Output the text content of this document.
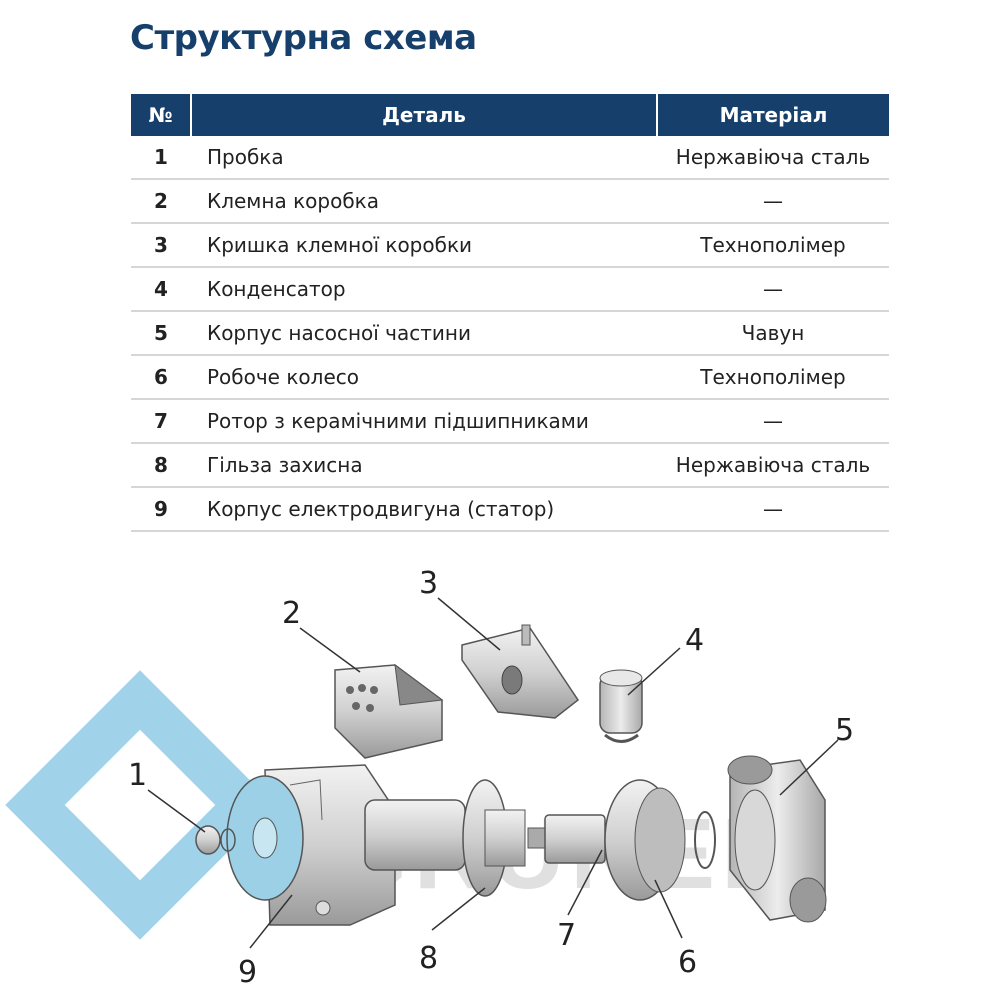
Структурна схема
№	Деталь	Матеріал
1	Пробка	Нержавіюча сталь
2	Клемна коробка	—
3	Кришка клемної коробки	Технополімер
4	Конденсатор	—
5	Корпус насосної частини	Чавун
6	Робоче колесо	Технополімер
7	Ротор з керамічними підшипниками	—
8	Гільза захисна	Нержавіюча сталь
9	Корпус електродвигуна (статор)	—
1
2
3
4
5
6
7
8
9
